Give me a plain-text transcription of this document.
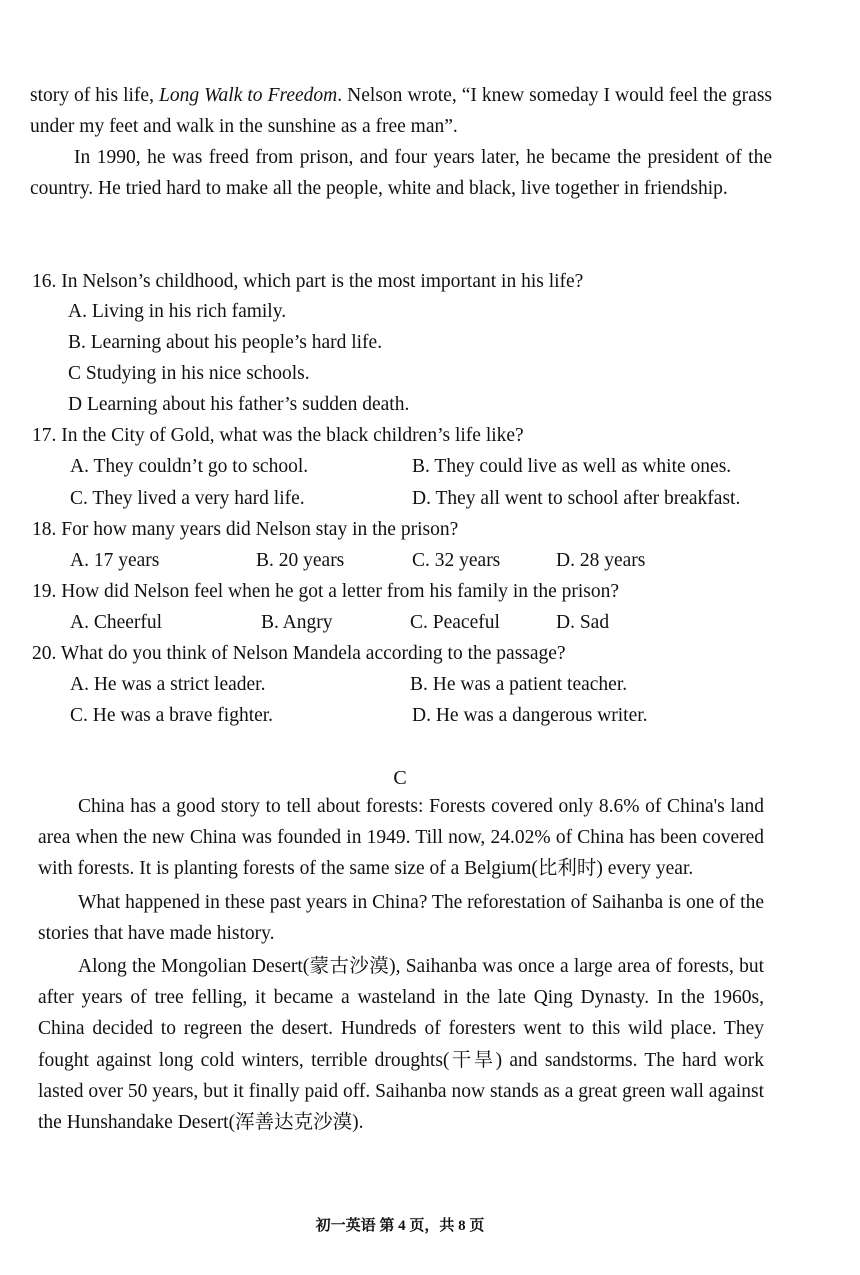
story of his life, Long Walk to Freedom. Nelson wrote, “I knew someday I would feel the grass under my feet and walk in the sunshine as a free man”.

In 1990, he was freed from prison, and four years later, he became the president of the country. He tried hard to make all the people, white and black, live together in friendship.

16. In Nelson’s childhood, which part is the most important in his life?
A. Living in his rich family.
B. Learning about his people’s hard life.
C Studying in his nice schools.
D Learning about his father’s sudden death.
17. In the City of Gold, what was the black children’s life like?
A. They couldn’t go to school.	B. They could live as well as white ones.
C. They lived a very hard life.	D. They all went to school after breakfast.
18. For how many years did Nelson stay in the prison?
A. 17 years	B. 20 years	C. 32 years	D. 28 years
19. How did Nelson feel when he got a letter from his family in the prison?
A. Cheerful	B. Angry	C. Peaceful	D. Sad
20. What do you think of Nelson Mandela according to the passage?
A. He was a strict leader.	B. He was a patient teacher.
C. He was a brave fighter.	D. He was a dangerous writer.
C

China has a good story to tell about forests: Forests covered only 8.6% of China's land area when the new China was founded in 1949. Till now, 24.02% of China has been covered with forests. It is planting forests of the same size of a Belgium(比利时) every year.

What happened in these past years in China? The reforestation of Saihanba is one of the stories that have made history.

Along the Mongolian Desert(蒙古沙漠), Saihanba was once a large area of forests, but after years of tree felling, it became a wasteland in the late Qing Dynasty. In the 1960s, China decided to regreen the desert. Hundreds of foresters went to this wild place. They fought against long cold winters, terrible droughts(干旱) and sandstorms. The hard work lasted over 50 years, but it finally paid off. Saihanba now stands as a great green wall against the Hunshandake Desert(浑善达克沙漠).

初一英语 第 4 页，共 8 页
